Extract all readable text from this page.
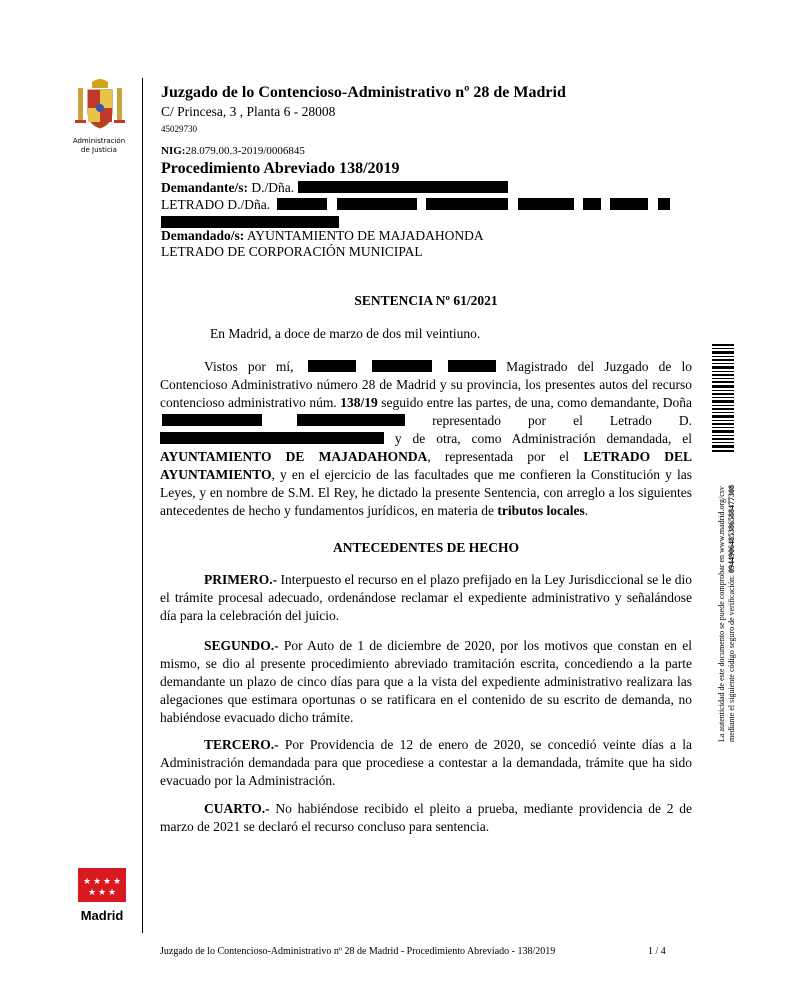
Administración
de Justicia
Juzgado de lo Contencioso-Administrativo nº 28 de Madrid
C/ Princesa, 3 , Planta 6 - 28008
45029730
NIG:28.079.00.3-2019/0006845
Procedimiento Abreviado 138/2019
Demandante/s: D./Dña.
LETRADO D./Dña.
Demandado/s: AYUNTAMIENTO DE MAJADAHONDA
LETRADO DE CORPORACIÓN MUNICIPAL
SENTENCIA Nº 61/2021
En Madrid, a doce de marzo de dos mil veintiuno.
Vistos por mí,	Magistrado del Juzgado de lo Contencioso Administrativo número 28 de Madrid y su provincia, los presentes autos del recurso contencioso administrativo núm. 138/19 seguido entre las partes, de una, como demandante, Doña   representado por el Letrado D.  y de otra, como Administración demandada, el AYUNTAMIENTO DE MAJADAHONDA, representada por el LETRADO DEL AYUNTAMIENTO, y en el ejercicio de las facultades que me confieren la Constitución y las Leyes, y en nombre de S.M. El Rey, he dictado la presente Sentencia, con arreglo a los siguientes antecedentes de hecho y fundamentos jurídicos, en materia de tributos locales.
ANTECEDENTES DE HECHO
PRIMERO.- Interpuesto el recurso en el plazo prefijado en la Ley Jurisdiccional se le dio el trámite procesal adecuado, ordenándose reclamar el expediente administrativo y señalándose día para la celebración del juicio.
SEGUNDO.- Por Auto de 1 de diciembre de 2020, por los motivos que constan en el mismo, se dio al presente procedimiento abreviado tramitación escrita, concediendo a la parte demandante un plazo de cinco días para que a la vista del expediente administrativo realizara las alegaciones que estimara oportunas o se ratificara en el contenido de su escrito de demanda, no habiéndose evacuado dicho trámite.
TERCERO.- Por Providencia de 12 de enero de 2020, se concedió veinte días a la Administración demandada para que procediese a contestar a la demandada, trámite que ha sido evacuado por la Administración.
CUARTO.- No habiéndose recibido el pleito a prueba, mediante providencia de 2 de marzo de 2021 se declaró el recurso concluso para sentencia.
La autenticidad de este documento se puede comprobar en www.madrid.org/csv mediante el siguiente código seguro de verificación: 0944906485386588477308
★ ★ ★ ★
★ ★ ★
Madrid
Juzgado de lo Contencioso-Administrativo nº 28 de Madrid - Procedimiento Abreviado - 138/2019	1 / 4
